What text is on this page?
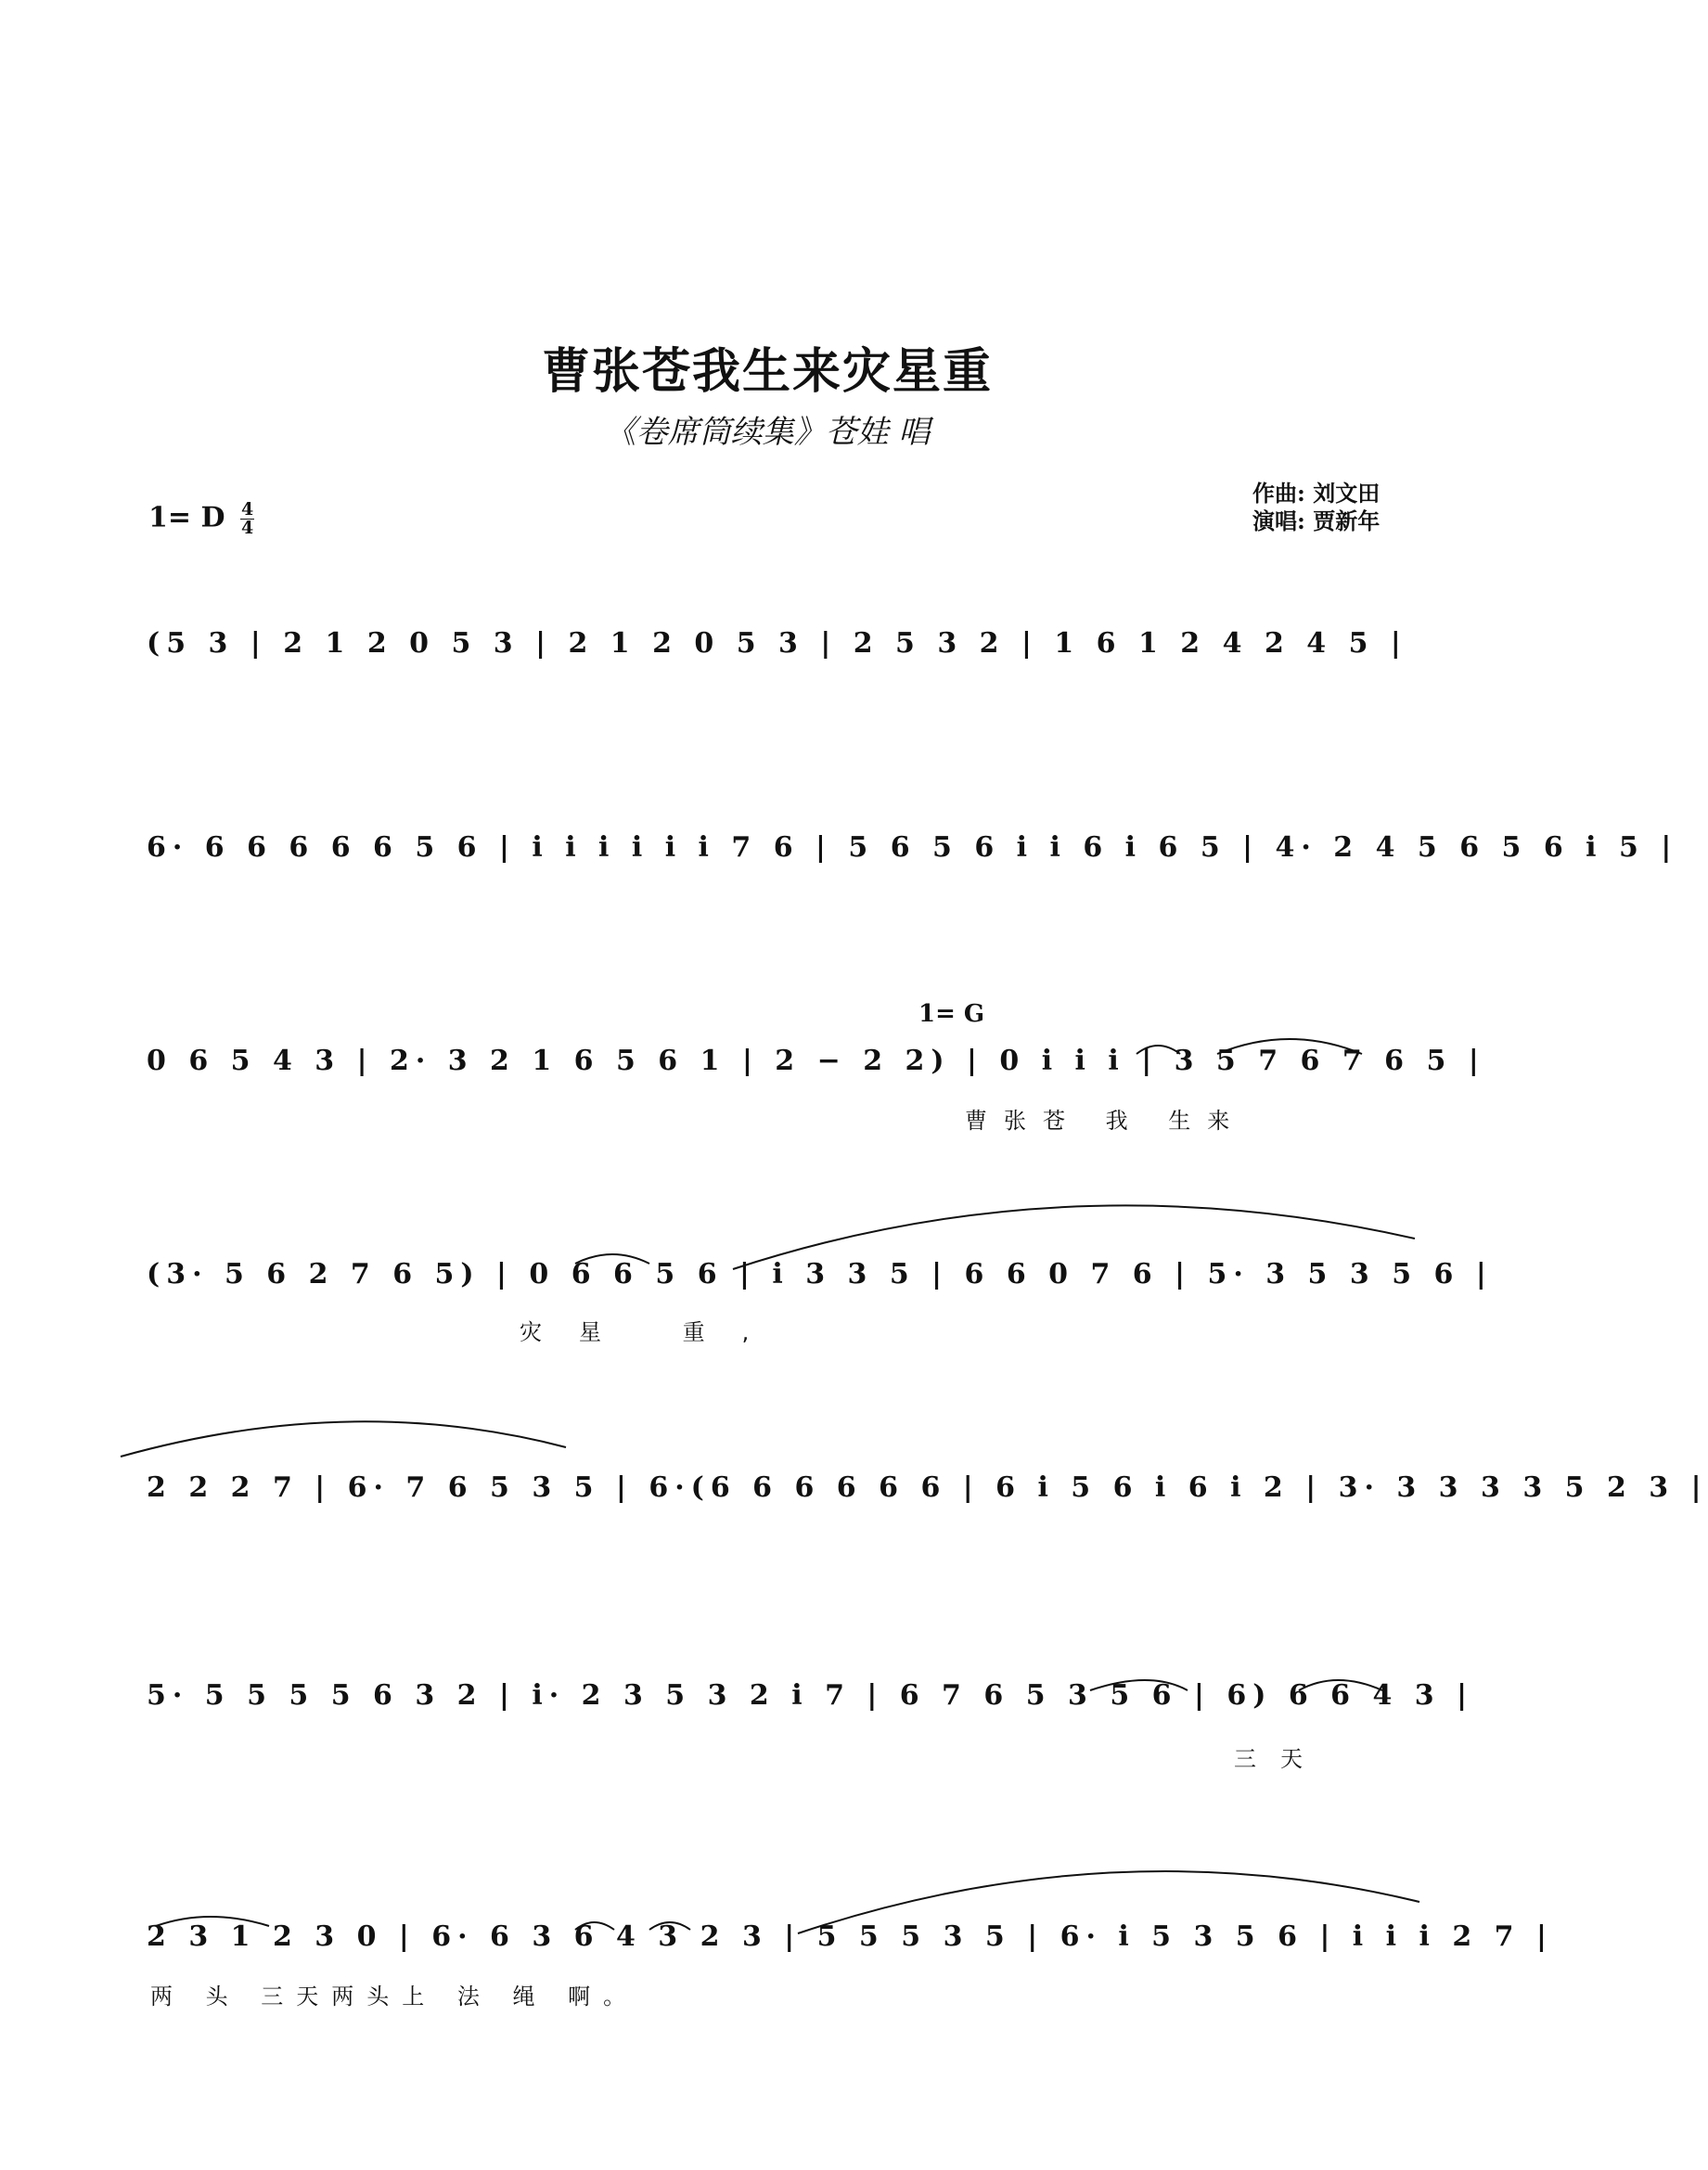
曹张苍我生来灾星重
《卷席筒续集》苍娃 唱
1= D $\frac{4}{4}$
作曲: 刘文田
演唱: 贾新年
(5 3 | 2 1 2 0 5 3 | 2 1 2 0 5 3 | 2 5 3 2 | 1 6 1 2 4 2 4 5 |
6· 6 6 6 6 6 5 6 | i i i i i i 7 6 | 5 6 5 6 i i 6 i 6 5 | 4· 2 4 5 6 5 6 i 5 |
1= G
0 6 5 4 3 | 2· 3 2 1 6 5 6 1 | 2 − 2 2) | 0 i i i | 3 5 7 6 7 6 5 |
曹张苍 我 生来
(3· 5 6 2 7 6 5) | 0 6 6 5 6 | i 3 3 5 | 6 6 0 7 6 | 5· 3 5 3 5 6 |
灾星 重,
2 2 2 7 | 6· 7 6 5 3 5 | 6·(6 6 6 6 6 6 | 6 i 5 6 i 6 i 2 | 3· 3 3 3 3 5 2 3 |
5· 5 5 5 5 6 3 2 | i· 2 3 5 3 2 i 7 | 6 7 6 5 3 5 6 | 6) 6 6 4 3 |
三天
2 3 1 2 3 0 | 6· 6 3 6 4 3 2 3 | 5 5 5 3 5 | 6· i 5 3 5 6 | i i i 2 7 |
两 头 三天两头上 法 绳 啊。
